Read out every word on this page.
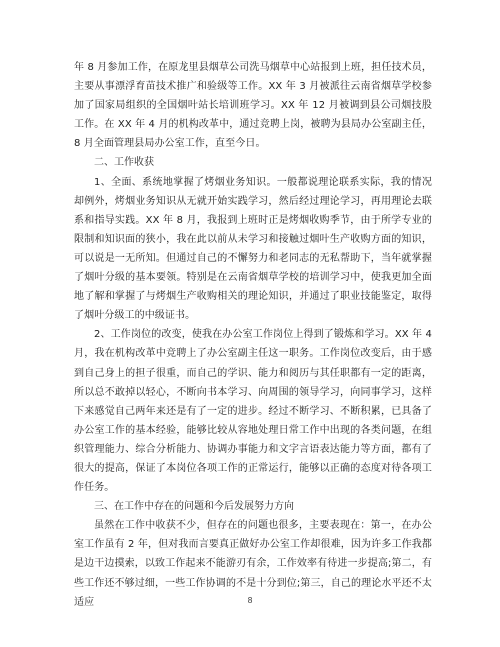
年 8 月参加工作，在原龙里县烟草公司洗马烟草中心站报到上班，担任技术员，主要从事漂浮育苗技术推广和验级等工作。XX 年 3 月被派往云南省烟草学校参加了国家局组织的全国烟叶站长培训班学习。XX 年 12 月被调到县公司烟技股工作。在 XX 年 4 月的机构改革中，通过竞聘上岗，被聘为县局办公室副主任，8 月全面管理县局办公室工作，直至今日。

二、工作收获

1、全面、系统地掌握了烤烟业务知识。一般都说理论联系实际，我的情况却例外，烤烟业务知识从无就开始实践学习，然后经过理论学习，再用理论去联系和指导实践。XX 年 8 月，我报到上班时正是烤烟收购季节，由于所学专业的限制和知识面的狭小，我在此以前从未学习和接触过烟叶生产收购方面的知识，可以说是一无所知。但通过自己的不懈努力和老同志的无私帮助下，当年就掌握了烟叶分级的基本要领。特别是在云南省烟草学校的培训学习中，使我更加全面地了解和掌握了与烤烟生产收购相关的理论知识，并通过了职业技能鉴定，取得了烟叶分级工的中级证书。

2、工作岗位的改变，使我在办公室工作岗位上得到了锻炼和学习。XX 年 4 月，我在机构改革中竞聘上了办公室副主任这一职务。工作岗位改变后，由于感到自己身上的担子很重，而自己的学识、能力和阅历与其任职都有一定的距离，所以总不敢掉以轻心，不断向书本学习、向周围的领导学习，向同事学习，这样下来感觉自己两年来还是有了一定的进步。经过不断学习、不断积累，已具备了办公室工作的基本经验，能够比较从容地处理日常工作中出现的各类问题，在组织管理能力、综合分析能力、协调办事能力和文字言语表达能力等方面，都有了很大的提高，保证了本岗位各项工作的正常运行，能够以正确的态度对待各项工作任务。

三、在工作中存在的问题和今后发展努力方向

虽然在工作中收获不少，但存在的问题也很多，主要表现在：第一，在办公室工作虽有 2 年，但对我而言要真正做好办公室工作却很难，因为许多工作我都是边干边摸索，以致工作起来不能游刃有余，工作效率有待进一步提高;第二，有些工作还不够过细，一些工作协调的不是十分到位;第三，自己的理论水平还不太适应	8
